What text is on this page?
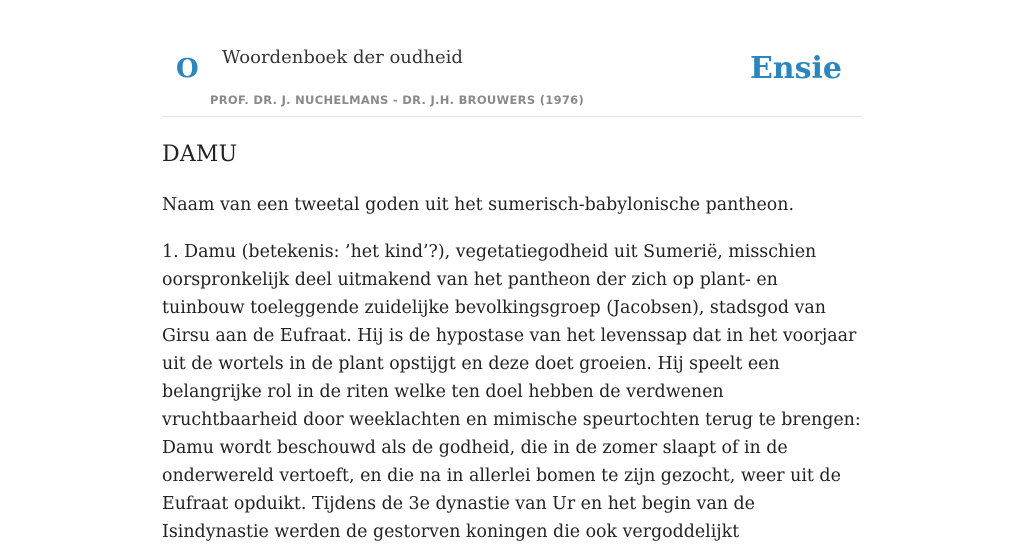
O Woordenboek der oudheid
PROF. DR. J. NUCHELMANS - DR. J.H. BROUWERS (1976)
Ensie
DAMU

Naam van een tweetal goden uit het sumerisch-babylonische pantheon.

1. Damu (betekenis: ’het kind’?), vegetatiegodheid uit Sumerië, misschien oorspronkelijk deel uitmakend van het pantheon der zich op plant- en tuinbouw toeleggende zuidelijke bevolkingsgroep (Jacobsen), stadsgod van Girsu aan de Eufraat. Hij is de hypostase van het levenssap dat in het voorjaar uit de wortels in de plant opstijgt en deze doet groeien. Hij speelt een belangrijke rol in de riten welke ten doel hebben de verdwenen vruchtbaarheid door weeklachten en mimische speurtochten terug te brengen: Damu wordt beschouwd als de godheid, die in de zomer slaapt of in de onderwereld vertoeft, en die na in allerlei bomen te zijn gezocht, weer uit de Eufraat opduikt. Tijdens de 3e dynastie van Ur en het begin van de Isindynastie werden de gestorven koningen die ook vergoddelijkt
